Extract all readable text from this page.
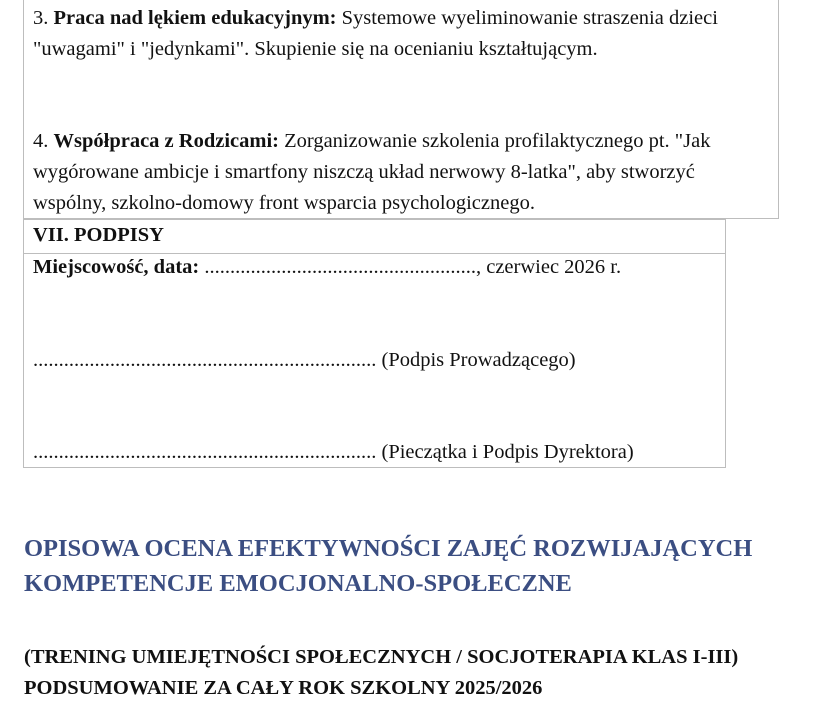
3. Praca nad lękiem edukacyjnym: Systemowe wyeliminowanie straszenia dzieci "uwagami" i "jedynkami". Skupienie się na ocenianiu kształtującym.

4. Współpraca z Rodzicami: Zorganizowanie szkolenia profilaktycznego pt. "Jak wygórowane ambicje i smartfony niszczą układ nerwowy 8-latka", aby stworzyć wspólny, szkolno-domowy front wsparcia psychologicznego.

VII. PODPISY

Miejscowość, data: ....................................................., czerwiec 2026 r.

................................................................... (Podpis Prowadzącego)

................................................................... (Pieczątka i Podpis Dyrektora)

OPISOWA OCENA EFEKTYWNOŚCI ZAJĘĆ ROZWIJAJĄCYCH KOMPETENCJE EMOCJONALNO-SPOŁECZNE
(TRENING UMIEJĘTNOŚCI SPOŁECZNYCH / SOCJOTERAPIA KLAS I-III) PODSUMOWANIE ZA CAŁY ROK SZKOLNY 2025/2026
